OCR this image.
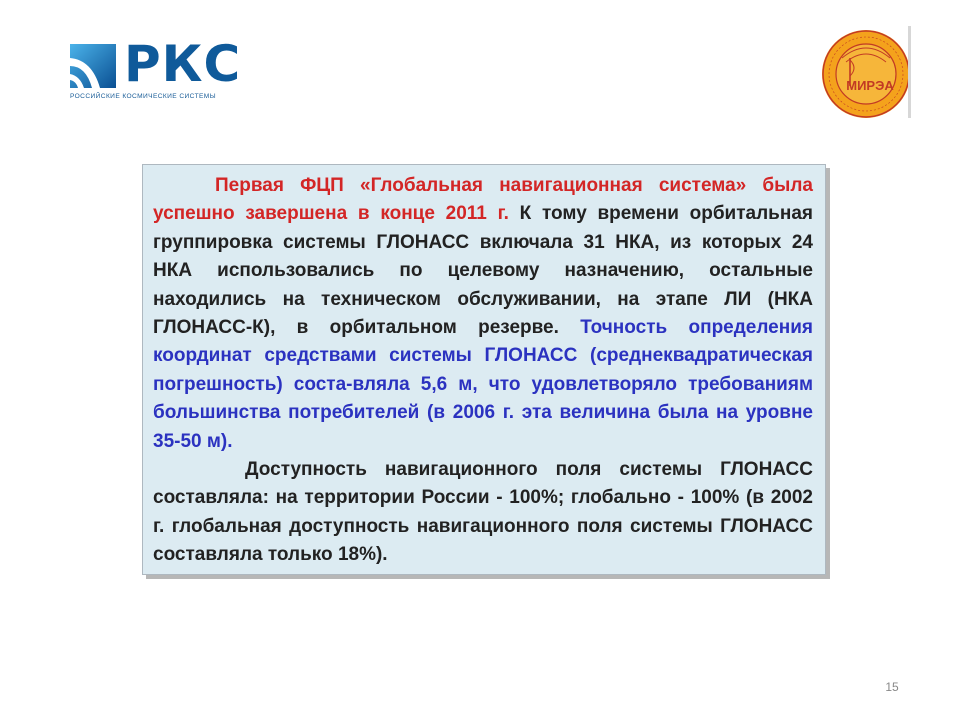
РКС
РОССИЙСКИЕ КОСМИЧЕСКИЕ СИСТЕМЫ
МИРЭА

Первая ФЦП «Глобальная навигационная система» была успешно завершена в конце 2011 г. К тому времени орбитальная группировка системы ГЛОНАСС включала 31 НКА, из которых 24 НКА использовались по целевому назначению, остальные находились на техническом обслуживании, на этапе ЛИ (НКА ГЛОНАСС-К), в орбитальном резерве. Точность определения координат средствами системы ГЛОНАСС (среднеквадратическая погрешность) соста-вляла 5,6 м, что удовлетворяло требованиям большинства потребителей (в 2006 г. эта величина была на уровне 35-50 м).

Доступность навигационного поля системы ГЛОНАСС составляла: на территории России - 100%; глобально - 100% (в 2002 г. глобальная доступность навигационного поля системы ГЛОНАСС составляла только 18%).

15
